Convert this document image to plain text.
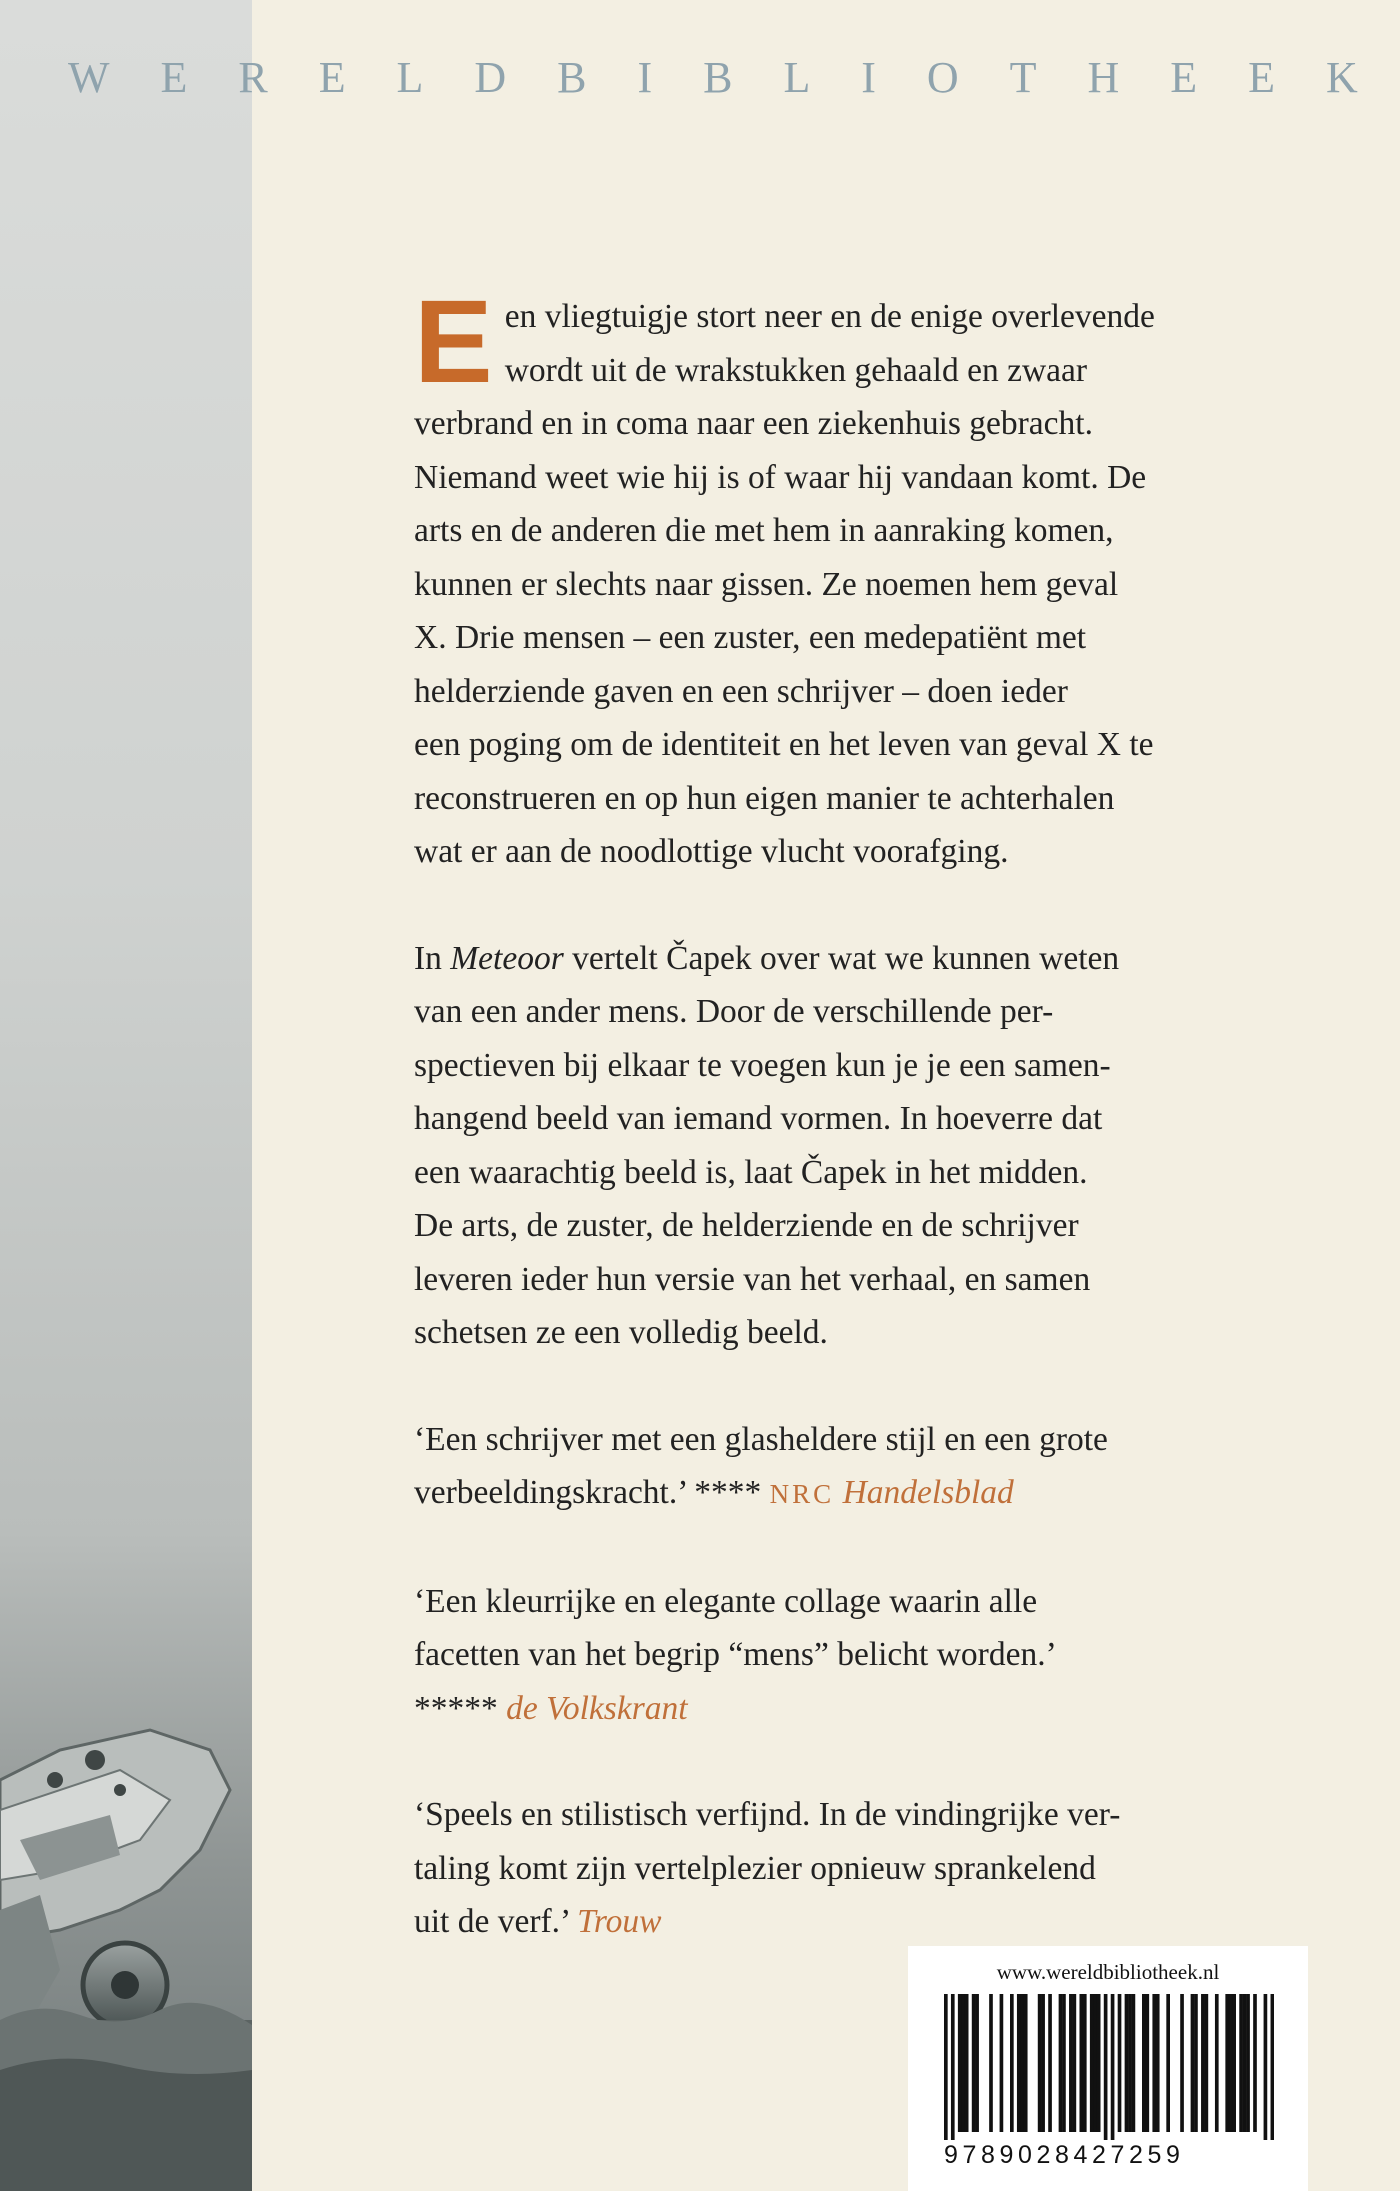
W E R E L D B I B L I O T H E E K
E en vliegtuigje stort neer en de enige overlevende

wordt uit de wrakstukken gehaald en zwaar

verbrand en in coma naar een ziekenhuis gebracht.

Niemand weet wie hij is of waar hij vandaan komt. De

arts en de anderen die met hem in aanraking komen,

kunnen er slechts naar gissen. Ze noemen hem geval

X. Drie mensen – een zuster, een medepatiënt met

helderziende gaven en een schrijver – doen ieder

een poging om de identiteit en het leven van geval X te

reconstrueren en op hun eigen manier te achterhalen

wat er aan de noodlottige vlucht voorafging.

In Meteoor vertelt Čapek over wat we kunnen weten

van een ander mens. Door de verschillende per-

spectieven bij elkaar te voegen kun je je een samen-

hangend beeld van iemand vormen. In hoeverre dat

een waarachtig beeld is, laat Čapek in het midden.

De arts, de zuster, de helderziende en de schrijver

leveren ieder hun versie van het verhaal, en samen

schetsen ze een volledig beeld.

‘Een schrijver met een glasheldere stijl en een grote

verbeeldingskracht.’ **** NRC Handelsblad

‘Een kleurrijke en elegante collage waarin alle

facetten van het begrip “mens” belicht worden.’

***** de Volkskrant

‘Speels en stilistisch verfijnd. In de vindingrijke ver-

taling komt zijn vertelplezier opnieuw sprankelend

uit de verf.’ Trouw

www.wereldbibliotheek.nl
9789028427259
